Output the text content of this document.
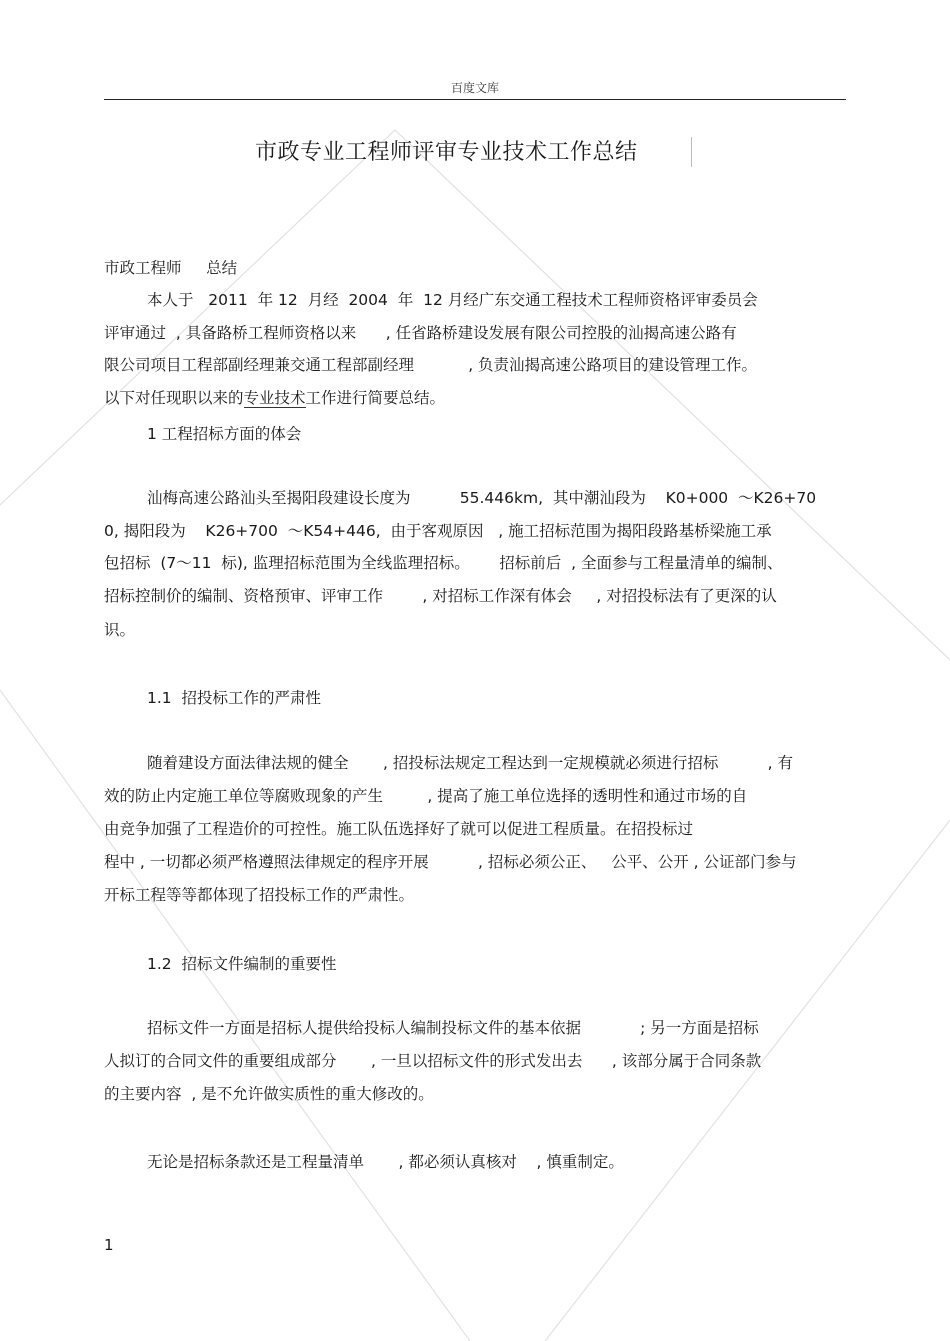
百度文库
市政专业工程师评审专业技术工作总结
市政工程师     总结
本人于   2011  年 12  月经  2004  年  12 月经广东交通工程技术工程师资格评审委员会
评审通过  , 具备路桥工程师资格以来      , 任省路桥建设发展有限公司控股的汕揭高速公路有
限公司项目工程部副经理兼交通工程部副经理           , 负责汕揭高速公路项目的建设管理工作。
以下对任现职以来的专业技术工作进行简要总结。
1 工程招标方面的体会
汕梅高速公路汕头至揭阳段建设长度为          55.446km,  其中潮汕段为    K0+000  ～K26+70
0, 揭阳段为    K26+700  ～K54+446,  由于客观原因   , 施工招标范围为揭阳段路基桥梁施工承
包招标  (7～11  标), 监理招标范围为全线监理招标。      招标前后  , 全面参与工程量清单的编制、
招标控制价的编制、资格预审、评审工作        , 对招标工作深有体会     , 对招投标法有了更深的认
识。
1.1  招投标工作的严肃性
随着建设方面法律法规的健全       , 招投标法规定工程达到一定规模就必须进行招标          , 有
效的防止内定施工单位等腐败现象的产生         , 提高了施工单位选择的透明性和通过市场的自
由竞争加强了工程造价的可控性。施工队伍选择好了就可以促进工程质量。在招投标过
程中 , 一切都必须严格遵照法律规定的程序开展          , 招标必须公正、   公平、公开 , 公证部门参与
开标工程等等都体现了招投标工作的严肃性。
1.2  招标文件编制的重要性
招标文件一方面是招标人提供给投标人编制投标文件的基本依据            ; 另一方面是招标
人拟订的合同文件的重要组成部分       , 一旦以招标文件的形式发出去      , 该部分属于合同条款
的主要内容  , 是不允许做实质性的重大修改的。
无论是招标条款还是工程量清单       , 都必须认真核对    , 慎重制定。
1
